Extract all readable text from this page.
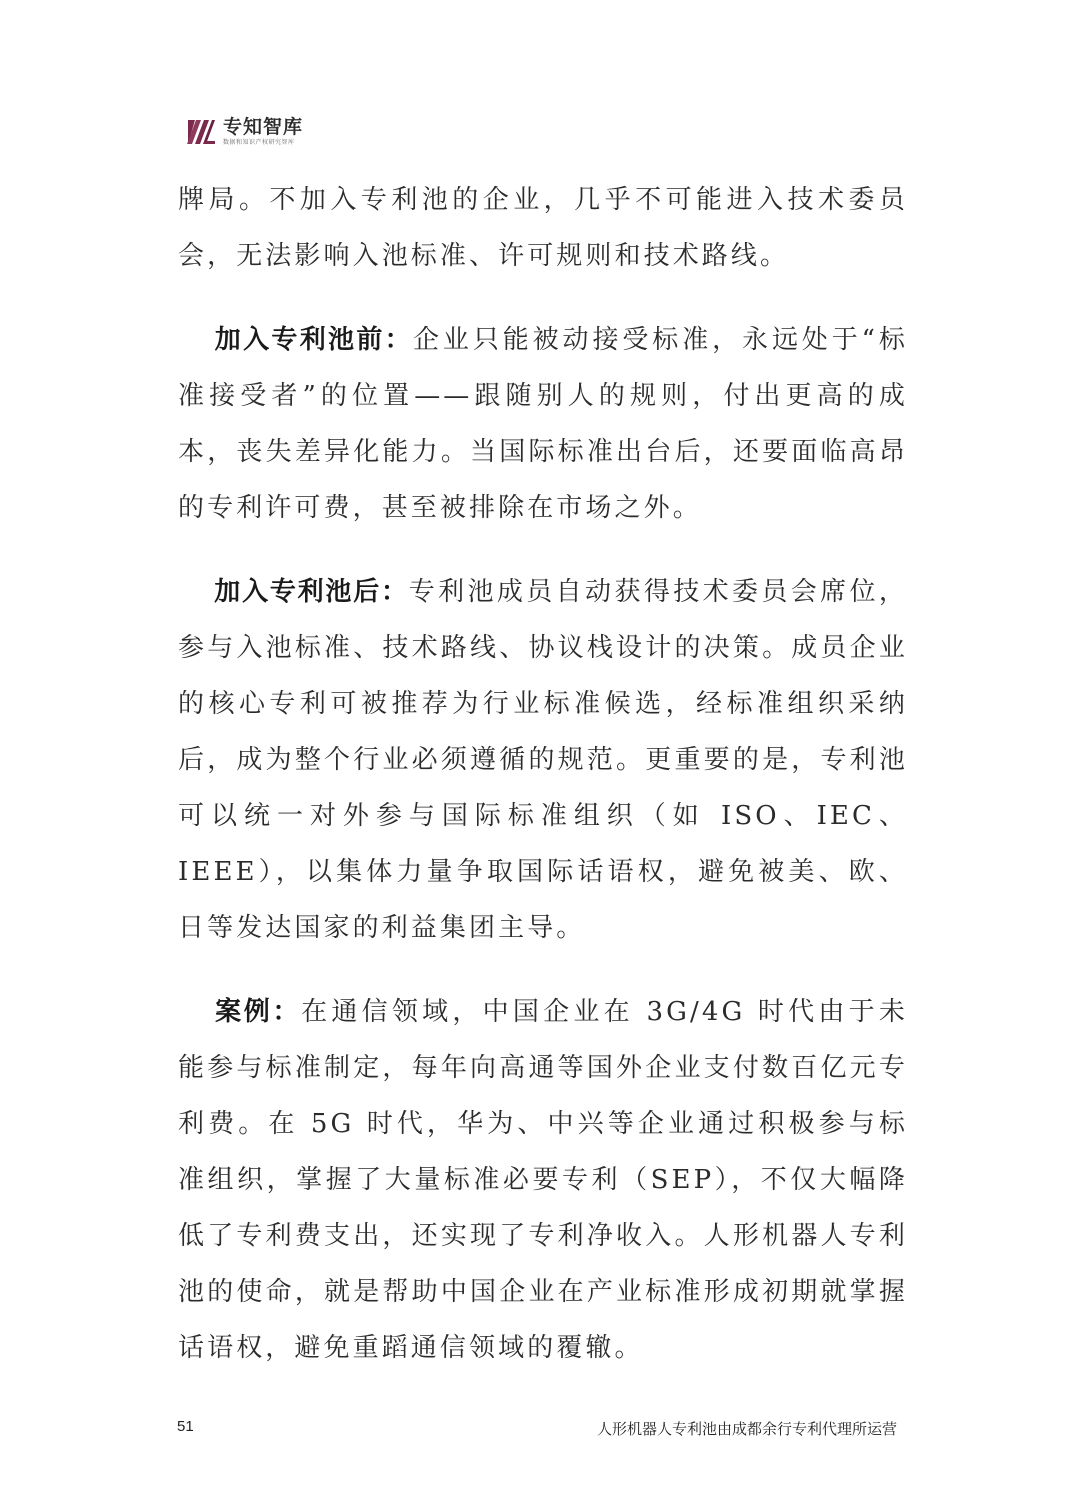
专知智库
数据和知识产权研究智库

牌局。不加入专利池的企业，几乎不可能进入技术委员会，无法影响入池标准、许可规则和技术路线。

加入专利池前：企业只能被动接受标准，永远处于“标准接受者”的位置——跟随别人的规则，付出更高的成本，丧失差异化能力。当国际标准出台后，还要面临高昂的专利许可费，甚至被排除在市场之外。

加入专利池后：专利池成员自动获得技术委员会席位，参与入池标准、技术路线、协议栈设计的决策。成员企业的核心专利可被推荐为行业标准候选，经标准组织采纳后，成为整个行业必须遵循的规范。更重要的是，专利池可以统一对外参与国际标准组织（如 ISO、IEC、IEEE），以集体力量争取国际话语权，避免被美、欧、日等发达国家的利益集团主导。

案例：在通信领域，中国企业在 3G/4G 时代由于未能参与标准制定，每年向高通等国外企业支付数百亿元专利费。在 5G 时代，华为、中兴等企业通过积极参与标准组织，掌握了大量标准必要专利（SEP），不仅大幅降低了专利费支出，还实现了专利净收入。人形机器人专利池的使命，就是帮助中国企业在产业标准形成初期就掌握话语权，避免重蹈通信领域的覆辙。

51	人形机器人专利池由成都余行专利代理所运营
